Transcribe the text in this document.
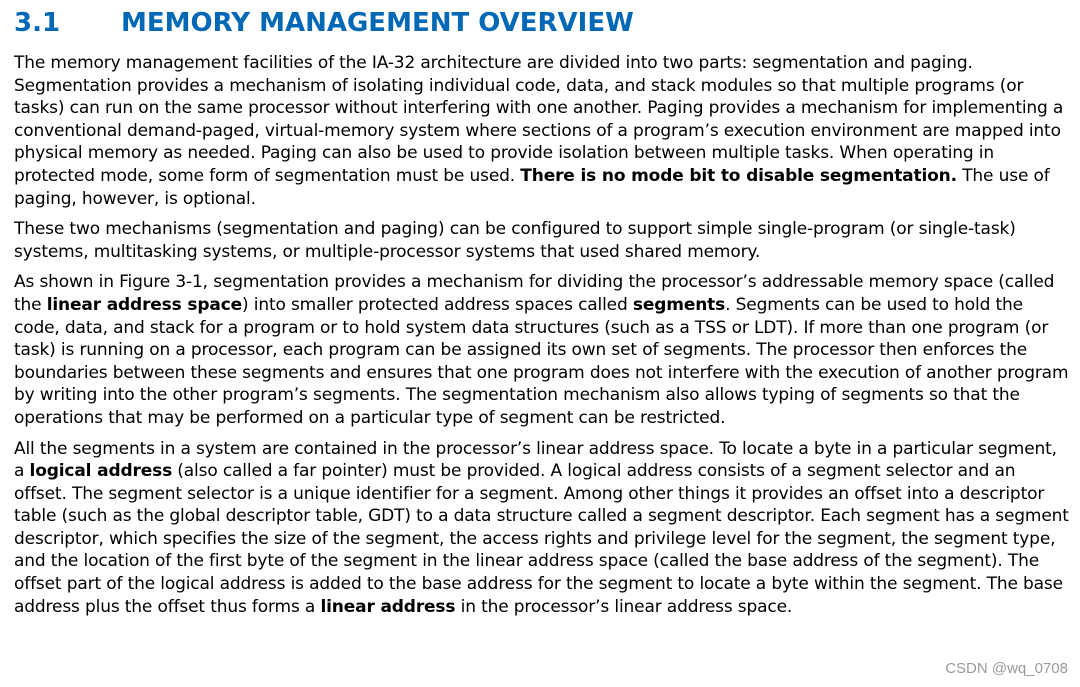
3.1	MEMORY MANAGEMENT OVERVIEW

The memory management facilities of the IA-32 architecture are divided into two parts: segmentation and paging. Segmentation provides a mechanism of isolating individual code, data, and stack modules so that multiple programs (or tasks) can run on the same processor without interfering with one another. Paging provides a mechanism for implementing a conventional demand-paged, virtual-memory system where sections of a program’s execution environment are mapped into physical memory as needed. Paging can also be used to provide isolation between multiple tasks. When operating in protected mode, some form of segmentation must be used. There is no mode bit to disable segmentation. The use of paging, however, is optional.

These two mechanisms (segmentation and paging) can be configured to support simple single-program (or single-task) systems, multitasking systems, or multiple-processor systems that used shared memory.

As shown in Figure 3-1, segmentation provides a mechanism for dividing the processor’s addressable memory space (called the linear address space) into smaller protected address spaces called segments. Segments can be used to hold the code, data, and stack for a program or to hold system data structures (such as a TSS or LDT). If more than one program (or task) is running on a processor, each program can be assigned its own set of segments. The processor then enforces the boundaries between these segments and ensures that one program does not interfere with the execution of another program by writing into the other program’s segments. The segmentation mechanism also allows typing of segments so that the operations that may be performed on a particular type of segment can be restricted.

All the segments in a system are contained in the processor’s linear address space. To locate a byte in a particular segment, a logical address (also called a far pointer) must be provided. A logical address consists of a segment selector and an offset. The segment selector is a unique identifier for a segment. Among other things it provides an offset into a descriptor table (such as the global descriptor table, GDT) to a data structure called a segment descriptor. Each segment has a segment descriptor, which specifies the size of the segment, the access rights and privilege level for the segment, the segment type, and the location of the first byte of the segment in the linear address space (called the base address of the segment). The offset part of the logical address is added to the base address for the segment to locate a byte within the segment. The base address plus the offset thus forms a linear address in the processor’s linear address space.

CSDN @wq_0708
